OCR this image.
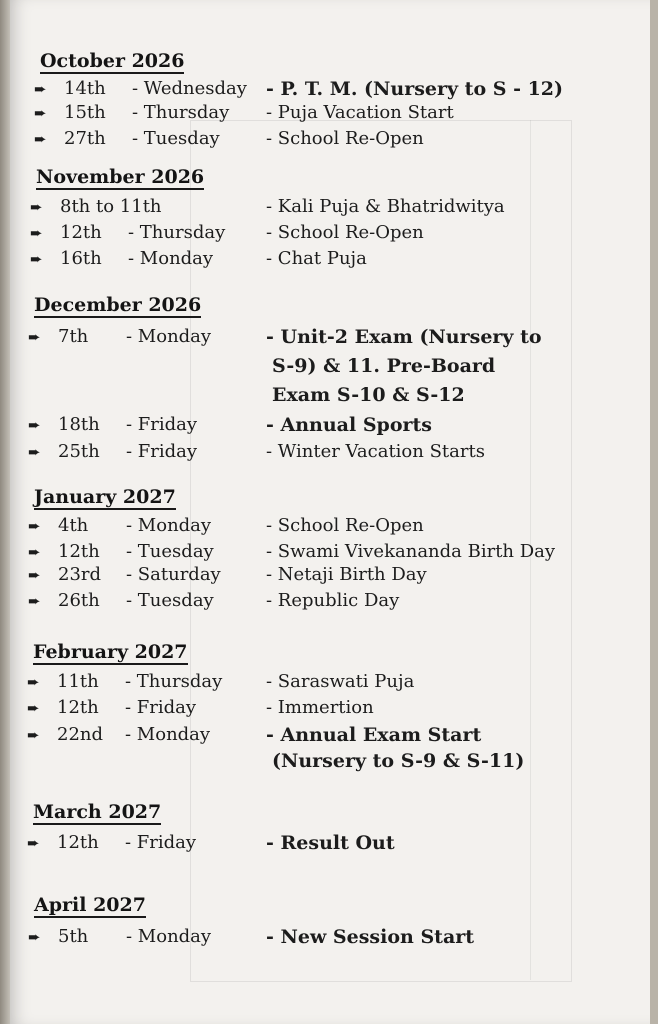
October 2026
➨ 14th - Wednesday - P. T. M. (Nursery to S - 12)
➨ 15th - Thursday - Puja Vacation Start
➨ 27th - Tuesday	- School Re-Open
November 2026
➨ 8th to 11th	- Kali Puja & Bhatridwitya
➨ 12th - Thursday - School Re-Open
➨ 16th - Monday	- Chat Puja
December 2026
➨ 7th - Monday	- Unit-2 Exam (Nursery to
S-9) & 11. Pre-Board
Exam S-10 & S-12
➨ 18th - Friday	- Annual Sports
➨ 25th - Friday	- Winter Vacation Starts
January 2027
➨ 4th - Monday	- School Re-Open
➨ 12th - Tuesday	- Swami Vivekananda Birth Day
➨ 23rd - Saturday	- Netaji Birth Day
➨ 26th - Tuesday	- Republic Day
February 2027
➨ 11th - Thursday - Saraswati Puja
➨ 12th - Friday	- Immertion
➨ 22nd - Monday	- Annual Exam Start
(Nursery to S-9 & S-11)
March 2027
➨ 12th - Friday	- Result Out
April 2027
➨ 5th - Monday	- New Session Start
